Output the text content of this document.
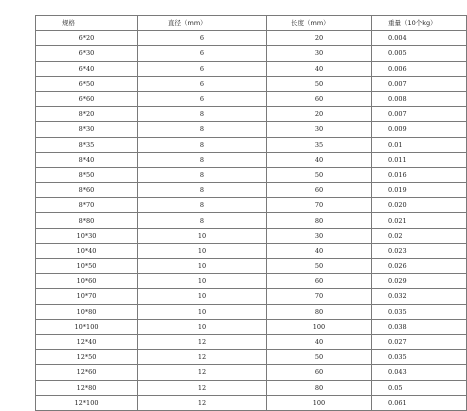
规格	直径（mm）	长度（mm）	重量（10个kg）
6*20	6	20	0.004
6*30	6	30	0.005
6*40	6	40	0.006
6*50	6	50	0.007
6*60	6	60	0.008
8*20	8	20	0.007
8*30	8	30	0.009
8*35	8	35	0.01
8*40	8	40	0.011
8*50	8	50	0.016
8*60	8	60	0.019
8*70	8	70	0.020
8*80	8	80	0.021
10*30	10	30	0.02
10*40	10	40	0.023
10*50	10	50	0.026
10*60	10	60	0.029
10*70	10	70	0.032
10*80	10	80	0.035
10*100	10	100	0.038
12*40	12	40	0.027
12*50	12	50	0.035
12*60	12	60	0.043
12*80	12	80	0.05
12*100	12	100	0.061
